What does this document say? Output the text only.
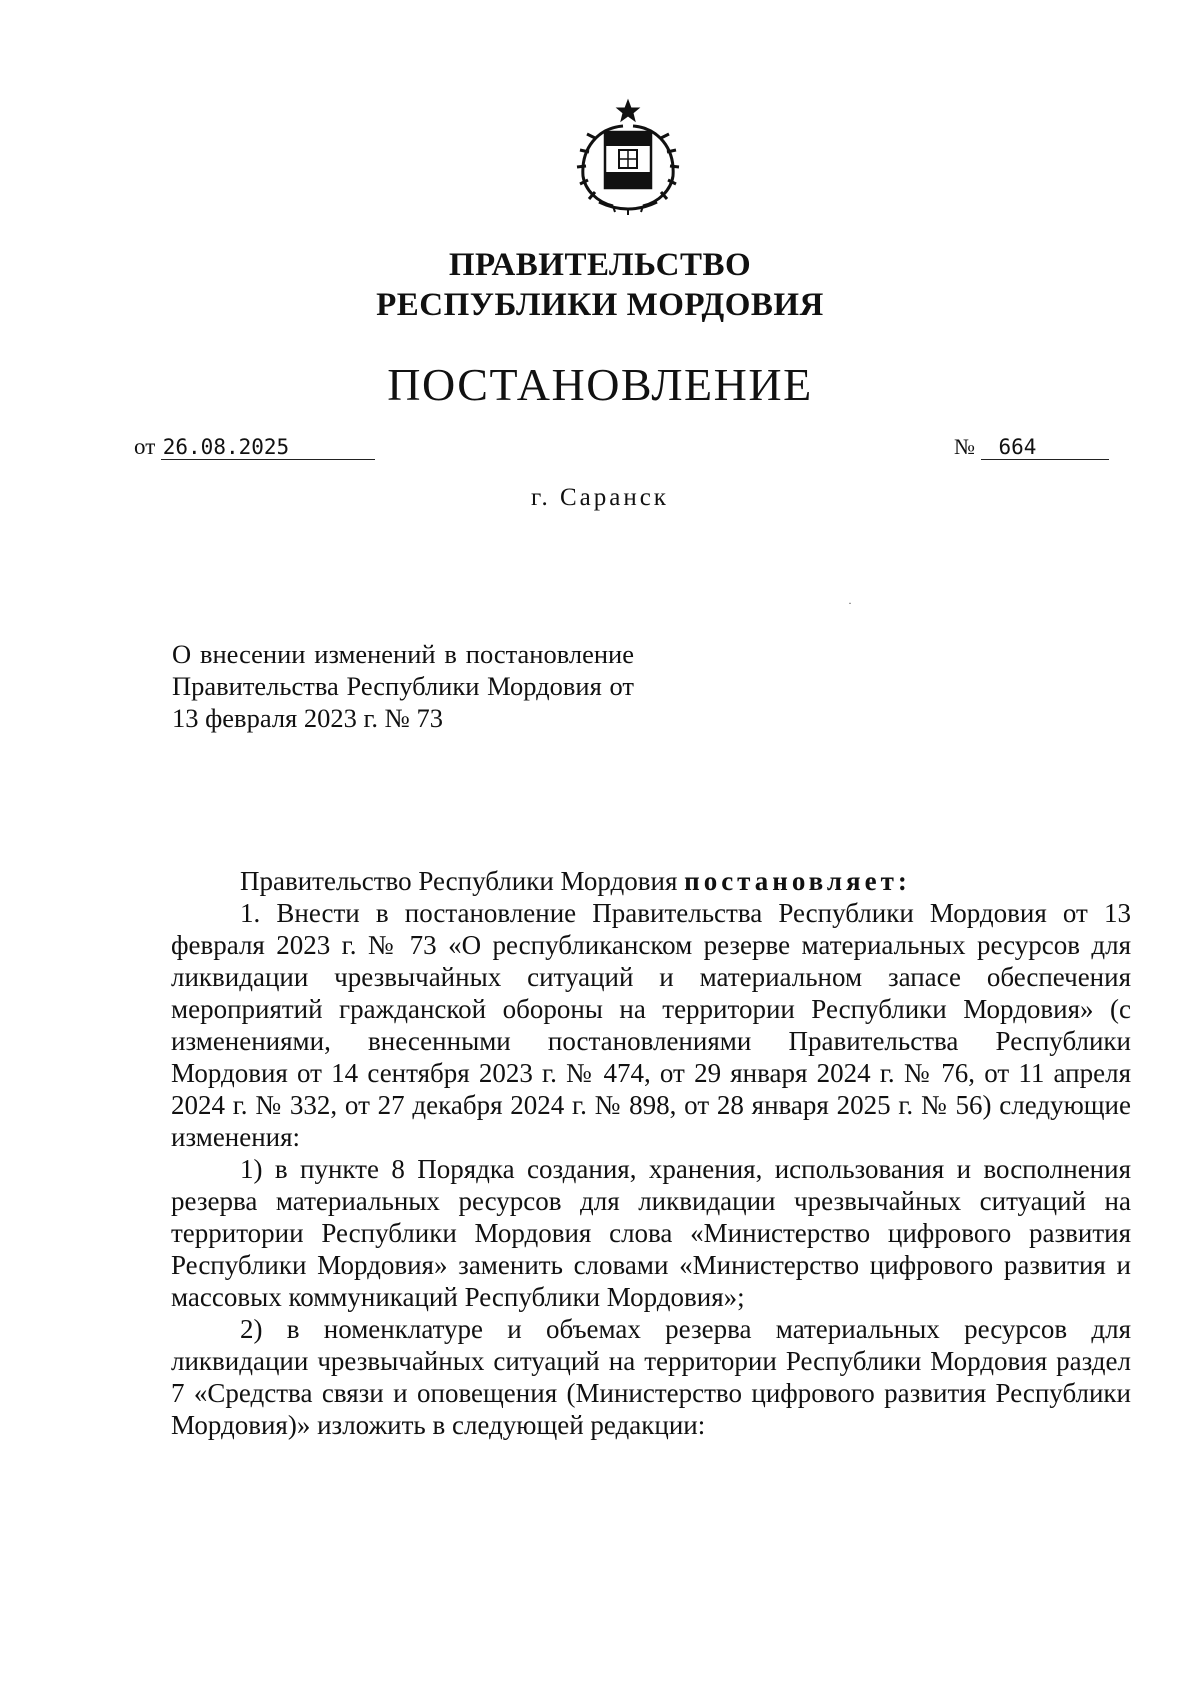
ПРАВИТЕЛЬСТВО
РЕСПУБЛИКИ МОРДОВИЯ
ПОСТАНОВЛЕНИЕ
от 26.08.2025	№ 664
г. Саранск
·
О внесении изменений в постановление Правительства Республики Мордовия от 13 февраля 2023 г. № 73

Правительство Республики Мордовия постановляет:

1. Внести в постановление Правительства Республики Мордовия от 13 февраля 2023 г. № 73 «О республиканском резерве материальных ресурсов для ликвидации чрезвычайных ситуаций и материальном запасе обеспечения мероприятий гражданской обороны на территории Республики Мордовия» (с изменениями, внесенными постановлениями Правительства Республики Мордовия от 14 сентября 2023 г. № 474, от 29 января 2024 г. № 76, от 11 апреля 2024 г. № 332, от 27 декабря 2024 г. № 898, от 28 января 2025 г. № 56) следующие изменения:

1) в пункте 8 Порядка создания, хранения, использования и восполнения резерва материальных ресурсов для ликвидации чрезвычайных ситуаций на территории Республики Мордовия слова «Министерство цифрового развития Республики Мордовия» заменить словами «Министерство цифрового развития и массовых коммуникаций Республики Мордовия»;

2) в номенклатуре и объемах резерва материальных ресурсов для ликвидации чрезвычайных ситуаций на территории Республики Мордовия раздел 7 «Средства связи и оповещения (Министерство цифрового развития Республики Мордовия)» изложить в следующей редакции:
